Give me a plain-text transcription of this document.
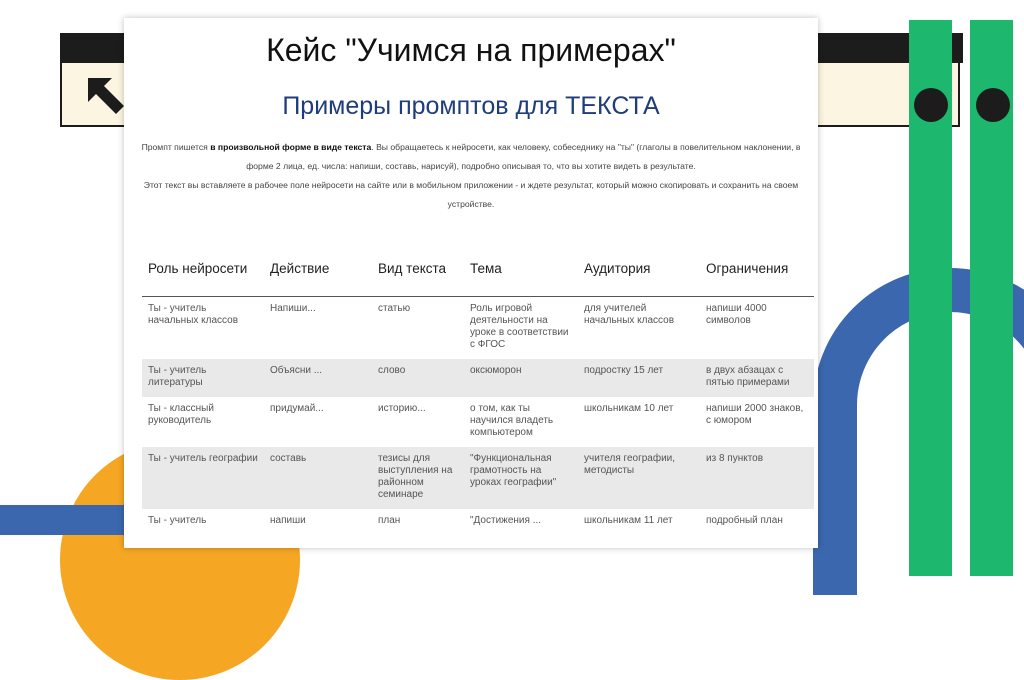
Кейс "Учимся на примерах"
Примеры промптов для ТЕКСТА

Промпт пишется в произвольной форме в виде текста. Вы обращаетесь к нейросети, как человеку, собеседнику на "ты" (глаголы в повелительном наклонении, в форме 2 лица, ед. числа: напиши, составь, нарисуй), подробно описывая то, что вы хотите видеть в результате.

Этот текст вы вставляете в рабочее поле нейросети на сайте или в мобильном приложении - и ждете результат, который можно скопировать и сохранить на своем устройстве.

Роль нейросети	Действие	Вид текста	Тема	Аудитория	Ограничения
Ты - учитель начальных классов	Напиши...	статью	Роль игровой деятельности на уроке в соответствии с ФГОС	для учителей начальных классов	напиши 4000 символов
Ты - учитель литературы	Объясни ...	слово	оксюморон	подростку 15 лет	в двух абзацах с пятью примерами
Ты - классный руководитель	придумай...	историю...	о том, как ты научился владеть компьютером	школьникам 10 лет	напиши 2000 знаков, с юмором
Ты - учитель географии	составь	тезисы для выступления на районном семинаре	"Функциональная грамотность на уроках географии"	учителя географии, методисты	из 8 пунктов
Ты - учитель	напиши	план	"Достижения ...	школьникам 11 лет	подробный план
